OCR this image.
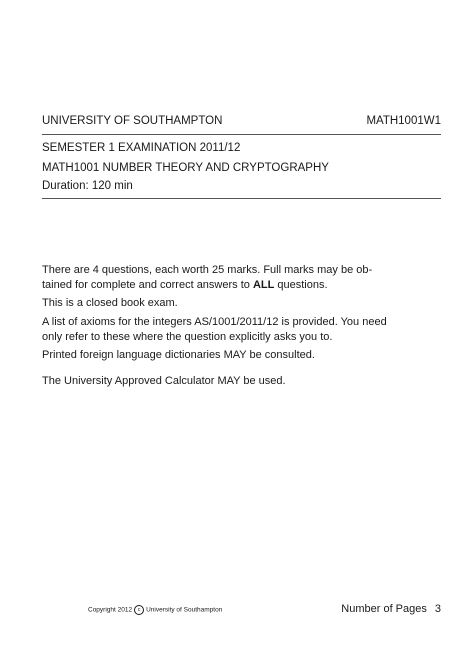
UNIVERSITY OF SOUTHAMPTON	MATH1001W1
SEMESTER 1 EXAMINATION 2011/12
MATH1001 NUMBER THEORY AND CRYPTOGRAPHY
Duration: 120 min
There are 4 questions, each worth 25 marks. Full marks may be ob-
tained for complete and correct answers to ALL questions.
This is a closed book exam.
A list of axioms for the integers AS/1001/2011/12 is provided. You need
only refer to these where the question explicitly asks you to.
Printed foreign language dictionaries MAY be consulted.
The University Approved Calculator MAY be used.
Copyright 2012 c University of Southampton	Number of Pages 3
